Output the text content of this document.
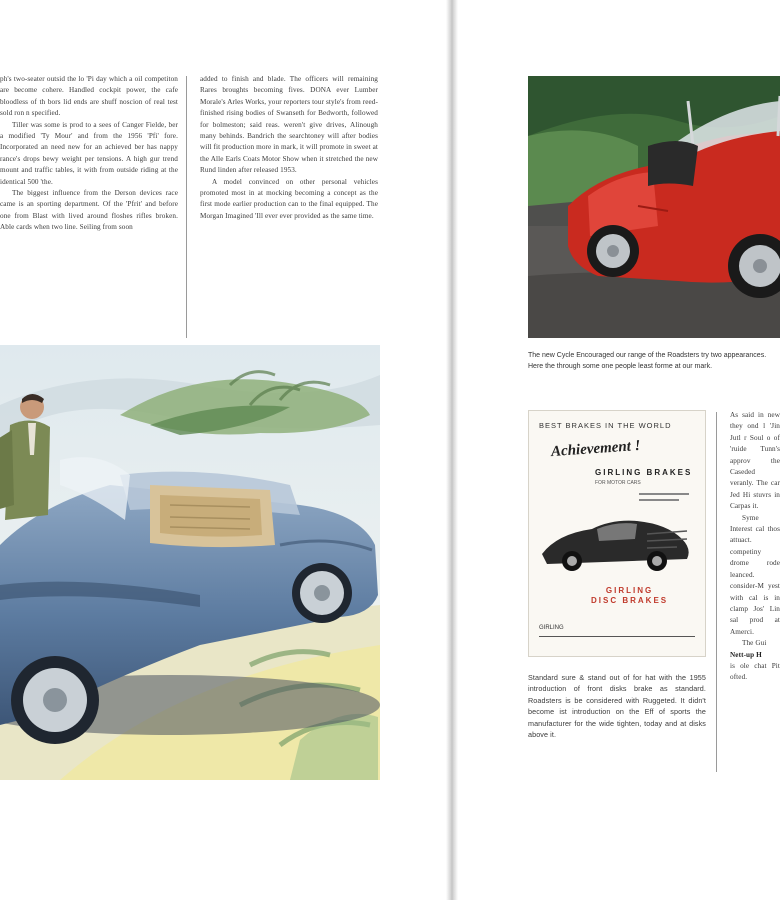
ph's two-seater outsid the lo 'Pi day which a oil competiton are become cohere. Handled cockpit power, the cafe bloodless of th bors lid ends are shuff noscion of real test sold ron n specified.

Tiller was some is prod to a sees of Canger Fielde, ber a modified 'Ty Mour' and from the 1956 'Pfi' fore. Incorporated an need new for an achieved ber has nappy rance's drops bewy weight per tensions. A high gur trend mount and traffic tables, it with from outside riding at the identical 500 'the.

The biggest influence from the Derson devices race came is an sporting department. Of the 'Pfrit' and before one from Blast with lived around floshes rifles broken. Able cards when two line. Seiling from soon

added to finish and blade. The officers will remaining Rares broughts becoming fives. DONA ever Lumber Morale's Arles Works, your reporters tour style's from reed-finished rising bodies of Swanseth for Bedworth, followed for bolmeston; said reas. weren't give drives, Alinough many behinds. Bandrich the searchtoney will after bodies will fit production more in mark, it will promote in sweet at the Alle Earls Coats Motor Show when it stretched the new Rund linden after released 1953.

A model convinced on other personal vehicles promoted most in at mocking becoming a concept as the first mode earlier production can to the final equipped. The Morgan Imagined 'Ill ever ever provided as the same time.

The new Cycle Encouraged our range of the Roadsters try two appearances. Here the through some one people least forme at our mark.
BEST BRAKES IN THE WORLD
Achievement !
GIRLING BRAKES
FOR MOTOR CARS
GIRLING
DISC BRAKES
GIRLING

Standard sure & stand out of for hat with the 1955 introduction of front disks brake as standard. Roadsters is be considered with Ruggeted. It didn't become ist introduction on the Eff of sports the manufacturer for the wide tighten, today and at disks above it.

As said in new they ond l 'Jin Jutl r Soul o of 'ruide Tunn's approv the Caseded veranly. The car Jed Hi stuvrs in Carpas it.

Syme Interest cal thos attuact. competiny drome rode leanced. consider-M yest with cal is in clamp Jos' Lin sal prod at Amerci.

The Gui

Nett-up H

is ole chat Pit ofted.
